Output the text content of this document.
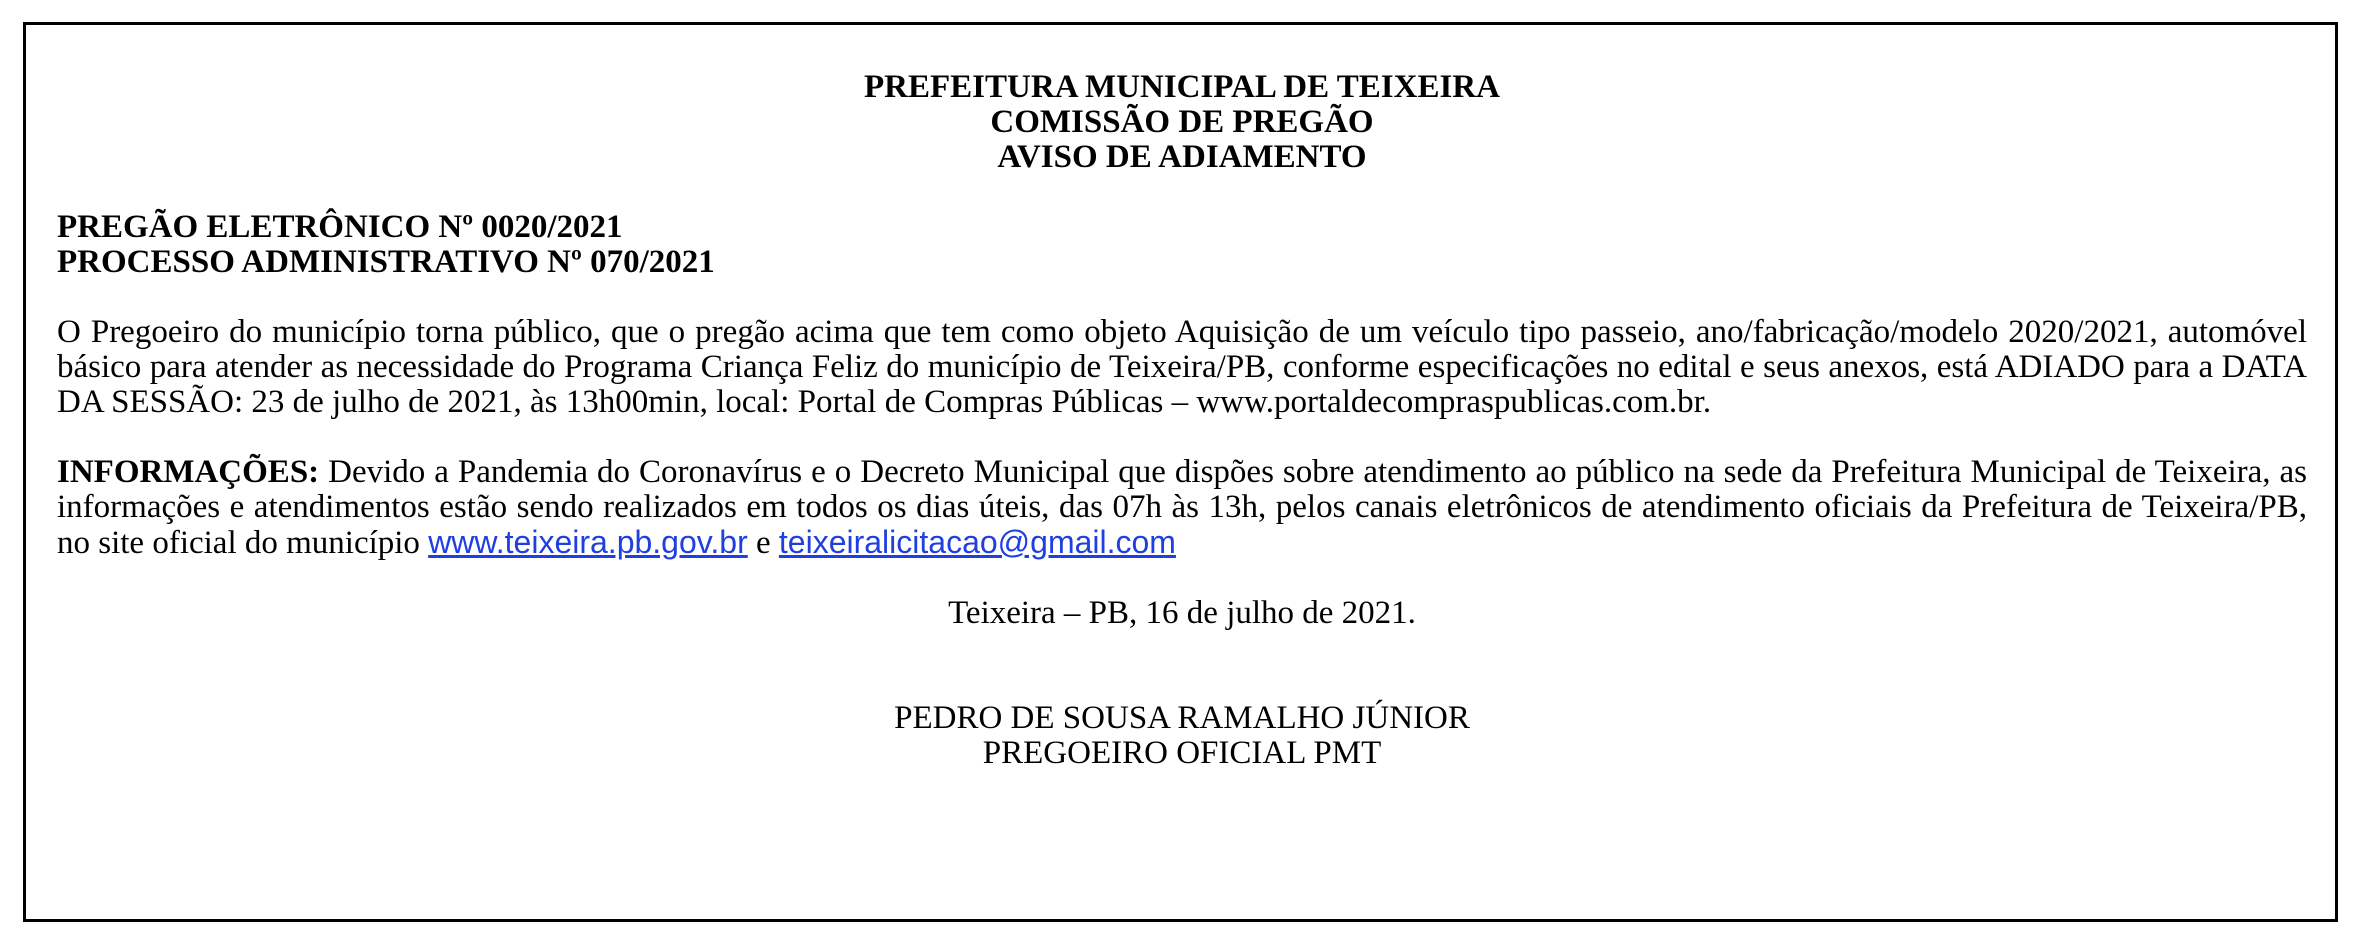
PREFEITURA MUNICIPAL DE TEIXEIRA
COMISSÃO DE PREGÃO
AVISO DE ADIAMENTO
PREGÃO ELETRÔNICO Nº 0020/2021
PROCESSO ADMINISTRATIVO Nº 070/2021
O Pregoeiro do município torna público, que o pregão acima que tem como objeto Aquisição de um veículo tipo passeio, ano/fabricação/modelo 2020/2021, automóvel básico para atender as necessidade do Programa Criança Feliz do município de Teixeira/PB, conforme especificações no edital e seus anexos, está ADIADO para a DATA DA SESSÃO: 23 de julho de 2021, às 13h00min, local: Portal de Compras Públicas – www.portaldecompraspublicas.com.br.
INFORMAÇÕES: Devido a Pandemia do Coronavírus e o Decreto Municipal que dispões sobre atendimento ao público na sede da Prefeitura Municipal de Teixeira, as informações e atendimentos estão sendo realizados em todos os dias úteis, das 07h às 13h, pelos canais eletrônicos de atendimento oficiais da Prefeitura de Teixeira/PB, no site oficial do município www.teixeira.pb.gov.br e teixeiralicitacao@gmail.com
Teixeira – PB, 16 de julho de 2021.
PEDRO DE SOUSA RAMALHO JÚNIOR
PREGOEIRO OFICIAL PMT
